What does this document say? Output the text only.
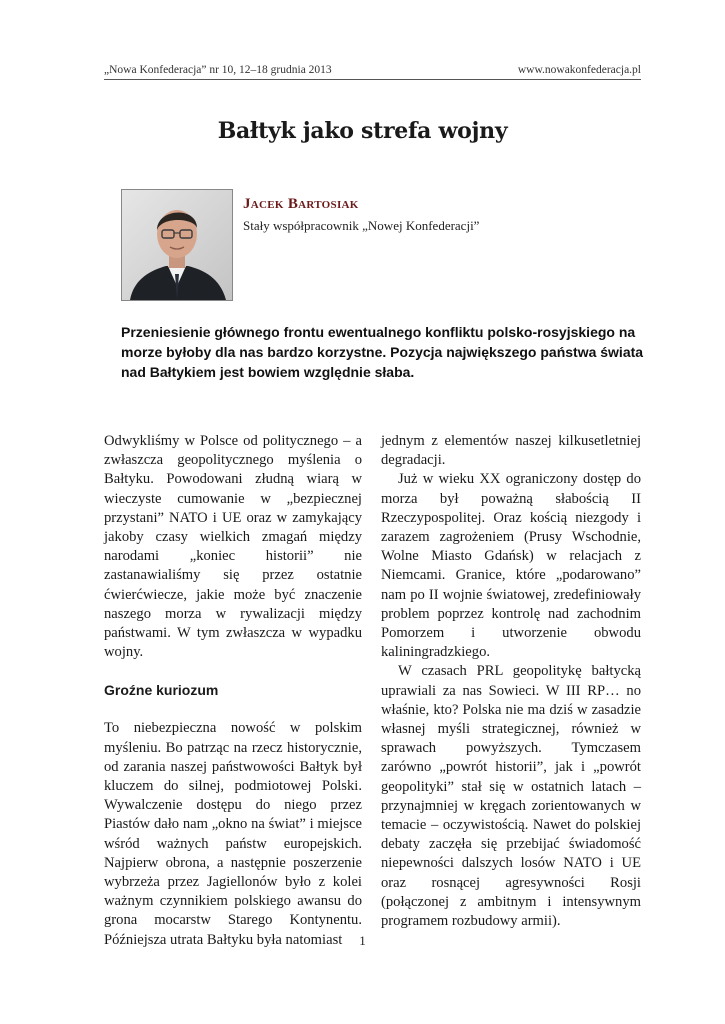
„Nowa Konfederacja” nr 10, 12–18 grudnia 2013	www.nowakonfederacja.pl
Bałtyk jako strefa wojny
Jacek Bartosiak
Stały współpracownik „Nowej Konfederacji”
Przeniesienie głównego frontu ewentualnego konfliktu polsko-rosyjskiego na morze byłoby dla nas bardzo korzystne. Pozycja największego państwa świata nad Bałtykiem jest bowiem względnie słaba.

Odwykliśmy w Polsce od politycznego – a zwłaszcza geopolitycznego myślenia o Bałtyku. Powodowani złudną wiarą w wieczyste cumowanie w „bezpiecznej przystani” NATO i UE oraz w zamykający jakoby czasy wielkich zmagań między narodami „koniec historii” nie zastanawialiśmy się przez ostatnie ćwierćwiecze, jakie może być znaczenie naszego morza w rywalizacji między państwami. W tym zwłaszcza w wypadku wojny.

Groźne kuriozum

To niebezpieczna nowość w polskim myśleniu. Bo patrząc na rzecz historycznie, od zarania naszej państwowości Bałtyk był kluczem do silnej, podmiotowej Polski. Wywalczenie dostępu do niego przez Piastów dało nam „okno na świat” i miejsce wśród ważnych państw europejskich. Najpierw obrona, a następnie poszerzenie wybrzeża przez Jagiellonów było z kolei ważnym czynnikiem polskiego awansu do grona mocarstw Starego Kontynentu. Późniejsza utrata Bałtyku była natomiast

jednym z elementów naszej kilkusetletniej degradacji.

Już w wieku XX ograniczony dostęp do morza był poważną słabością II Rzeczypospolitej. Oraz kością niezgody i zarazem zagrożeniem (Prusy Wschodnie, Wolne Miasto Gdańsk) w relacjach z Niemcami. Granice, które „podarowano” nam po II wojnie światowej, zredefiniowały problem poprzez kontrolę nad zachodnim Pomorzem i utworzenie obwodu kaliningradzkiego.

W czasach PRL geopolitykę bałtycką uprawiali za nas Sowieci. W III RP… no właśnie, kto? Polska nie ma dziś w zasadzie własnej myśli strategicznej, również w sprawach powyższych. Tymczasem zarówno „powrót historii”, jak i „powrót geopolityki” stał się w ostatnich latach – przynajmniej w kręgach zorientowanych w temacie – oczywistością. Nawet do polskiej debaty zaczęła się przebijać świadomość niepewności dalszych losów NATO i UE oraz rosnącej agresywności Rosji (połączonej z ambitnym i intensywnym programem rozbudowy armii).

1
